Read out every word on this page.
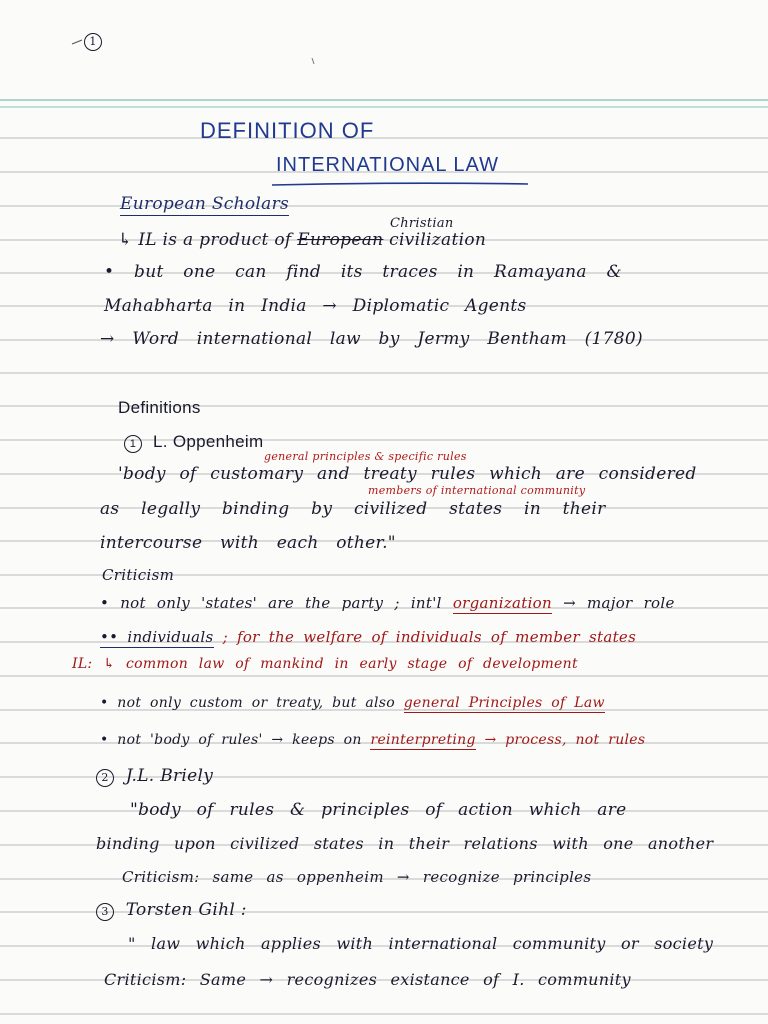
1
DEFINITION OF
INTERNATIONAL LAW
European Scholars
Christian
↳ IL is a product of European civilization
• but one can find its traces in Ramayana &
Mahabharta in India → Diplomatic Agents
→ Word international law by Jermy Bentham (1780)
Definitions
1 L. Oppenheim
general principles & specific rules
'body of customary and treaty rules which are considered
members of international community
as legally binding by civilized states in their
intercourse with each other."
Criticism
• not only 'states' are the party ; int'l organization → major role
•• individuals ; for the welfare of individuals of member states
IL: ↳ common law of mankind in early stage of development
• not only custom or treaty, but also general Principles of Law
• not 'body of rules' → keeps on reinterpreting → process, not rules
2 J.L. Briely
"body of rules & principles of action which are
binding upon civilized states in their relations with one another
Criticism: same as oppenheim → recognize principles
3 Torsten Gihl :
" law which applies with international community or society
Criticism: Same → recognizes existance of I. community
